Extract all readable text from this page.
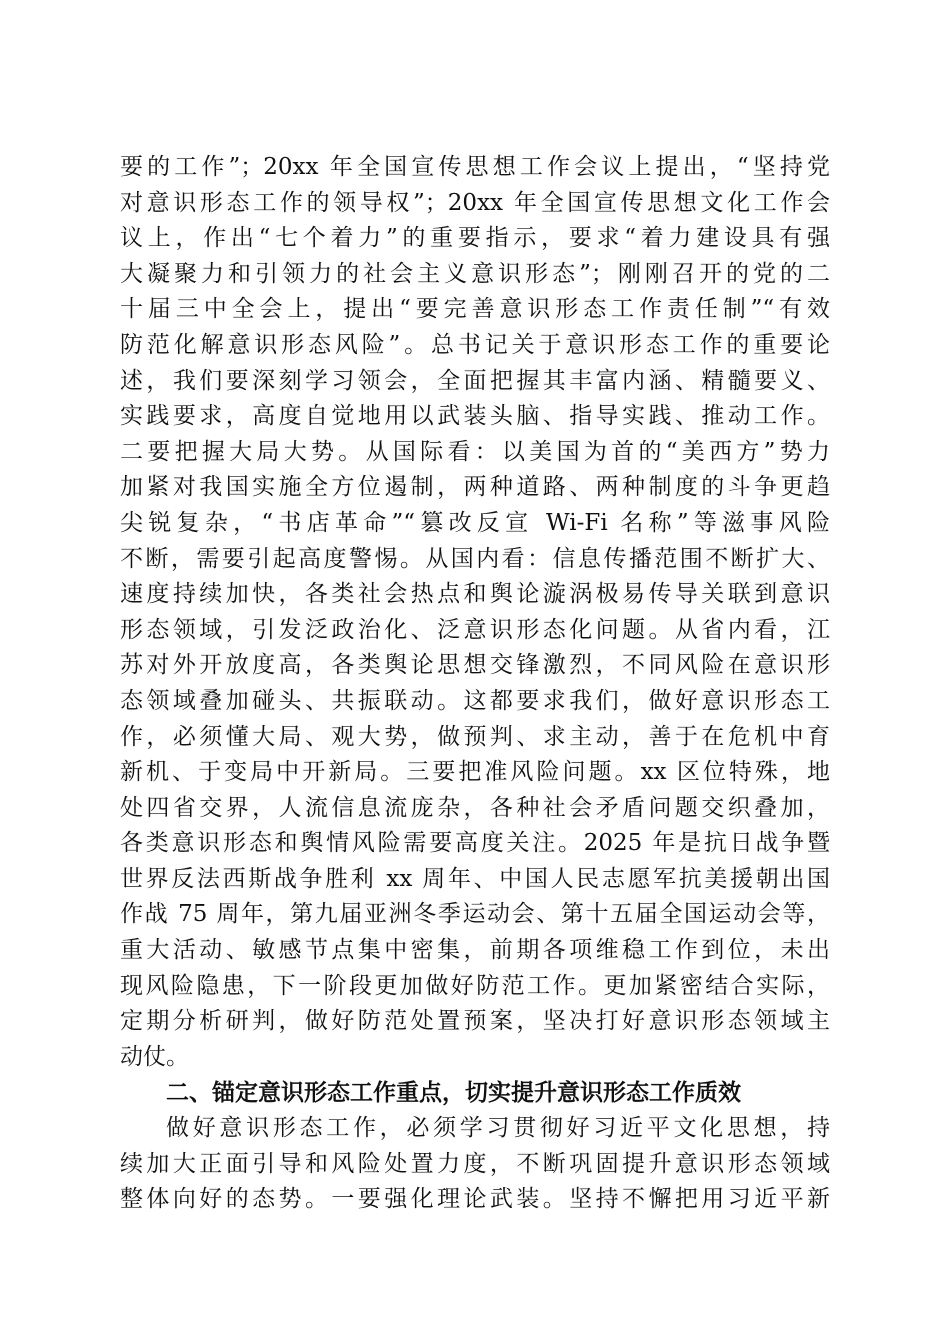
要的工作”；20xx 年全国宣传思想工作会议上提出，“坚持党
对意识形态工作的领导权”；20xx 年全国宣传思想文化工作会
议上，作出“七个着力”的重要指示，要求“着力建设具有强
大凝聚力和引领力的社会主义意识形态”；刚刚召开的党的二
十届三中全会上，提出“要完善意识形态工作责任制”“有效
防范化解意识形态风险”。总书记关于意识形态工作的重要论
述，我们要深刻学习领会，全面把握其丰富内涵、精髓要义、
实践要求，高度自觉地用以武装头脑、指导实践、推动工作。
二要把握大局大势。从国际看：以美国为首的“美西方”势力
加紧对我国实施全方位遏制，两种道路、两种制度的斗争更趋
尖锐复杂，“书店革命”“篡改反宣 Wi-Fi 名称”等滋事风险
不断，需要引起高度警惕。从国内看：信息传播范围不断扩大、
速度持续加快，各类社会热点和舆论漩涡极易传导关联到意识
形态领域，引发泛政治化、泛意识形态化问题。从省内看，江
苏对外开放度高，各类舆论思想交锋激烈，不同风险在意识形
态领域叠加碰头、共振联动。这都要求我们，做好意识形态工
作，必须懂大局、观大势，做预判、求主动，善于在危机中育
新机、于变局中开新局。三要把准风险问题。xx 区位特殊，地
处四省交界，人流信息流庞杂，各种社会矛盾问题交织叠加，
各类意识形态和舆情风险需要高度关注。2025 年是抗日战争暨
世界反法西斯战争胜利 xx 周年、中国人民志愿军抗美援朝出国
作战 75 周年，第九届亚洲冬季运动会、第十五届全国运动会等，
重大活动、敏感节点集中密集，前期各项维稳工作到位，未出
现风险隐患，下一阶段更加做好防范工作。更加紧密结合实际，
定期分析研判，做好防范处置预案，坚决打好意识形态领域主
动仗。
二、锚定意识形态工作重点，切实提升意识形态工作质效
做好意识形态工作，必须学习贯彻好习近平文化思想，持
续加大正面引导和风险处置力度，不断巩固提升意识形态领域
整体向好的态势。一要强化理论武装。坚持不懈把用习近平新
